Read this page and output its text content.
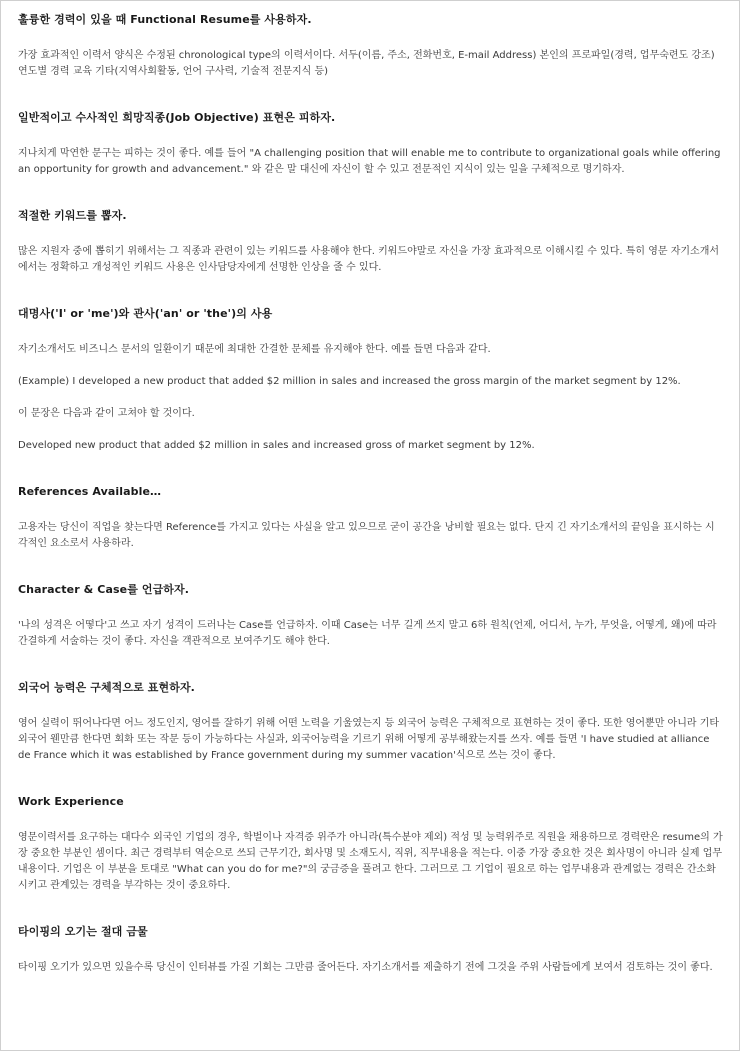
훌륭한 경력이 있을 때 Functional Resume를 사용하자.

가장 효과적인 이력서 양식은 수정된 chronological type의 이력서이다. 서두(이름, 주소, 전화번호, E-mail Address) 본인의 프로파일(경력, 업무숙련도 강조) 연도별 경력 교육 기타(지역사회활동, 언어 구사력, 기술적 전문지식 등)

일반적이고 수사적인 희망직종(Job Objective) 표현은 피하자.

지나치게 막연한 문구는 피하는 것이 좋다. 예를 들어 "A challenging position that will enable me to contribute to organizational goals while offering an opportunity for growth and advancement." 와 같은 말 대신에 자신이 할 수 있고 전문적인 지식이 있는 일을 구체적으로 명기하자.

적절한 키워드를 뽑자.

많은 지원자 중에 뽑히기 위해서는 그 직종과 관련이 있는 키워드를 사용해야 한다. 키워드야말로 자신을 가장 효과적으로 이해시킬 수 있다. 특히 영문 자기소개서에서는 정확하고 개성적인 키워드 사용은 인사담당자에게 선명한 인상을 줄 수 있다.

대명사('I' or 'me')와 관사('an' or 'the')의 사용

자기소개서도 비즈니스 문서의 일환이기 때문에 최대한 간결한 문체를 유지해야 한다. 예를 들면 다음과 같다.

(Example) I developed a new product that added $2 million in sales and increased the gross margin of the market segment by 12%.

이 문장은 다음과 같이 고쳐야 할 것이다.

Developed new product that added $2 million in sales and increased gross of market segment by 12%.

References Available…

고용자는 당신이 직업을 찾는다면 Reference를 가지고 있다는 사실을 알고 있으므로 굳이 공간을 낭비할 필요는 없다. 단지 긴 자기소개서의 끝임을 표시하는 시각적인 요소로서 사용하라.

Character & Case를 언급하자.

'나의 성격은 어떻다'고 쓰고 자기 성격이 드러나는 Case를 언급하자. 이때 Case는 너무 길게 쓰지 말고 6하 원칙(언제, 어디서, 누가, 무엇을, 어떻게, 왜)에 따라 간결하게 서술하는 것이 좋다. 자신을 객관적으로 보여주기도 해야 한다.

외국어 능력은 구체적으로 표현하자.

영어 실력이 뛰어나다면 어느 정도인지, 영어를 잘하기 위해 어떤 노력을 기울였는지 등 외국어 능력은 구체적으로 표현하는 것이 좋다. 또한 영어뿐만 아니라 기타 외국어 웬만큼 한다면 회화 또는 작문 등이 가능하다는 사실과, 외국어능력을 기르기 위해 어떻게 공부해왔는지를 쓰자. 예를 들면 'I have studied at alliance de France which it was established by France government during my summer vacation'식으로 쓰는 것이 좋다.

Work Experience

영문이력서를 요구하는 대다수 외국인 기업의 경우, 학벌이나 자격증 위주가 아니라(특수분야 제외) 적성 및 능력위주로 직원을 채용하므로 경력란은 resume의 가장 중요한 부분인 셈이다. 최근 경력부터 역순으로 쓰되 근무기간, 회사명 및 소재도시, 직위, 직무내용을 적는다. 이중 가장 중요한 것은 회사명이 아니라 실제 업무내용이다. 기업은 이 부분을 토대로 "What can you do for me?"의 궁금증을 풀려고 한다. 그러므로 그 기업이 필요로 하는 업무내용과 관계없는 경력은 간소화시키고 관계있는 경력을 부각하는 것이 중요하다.

타이핑의 오기는 절대 금물

타이핑 오기가 있으면 있을수록 당신이 인터뷰를 가질 기회는 그만큼 줄어든다. 자기소개서를 제출하기 전에 그것을 주위 사람들에게 보여서 검토하는 것이 좋다.
